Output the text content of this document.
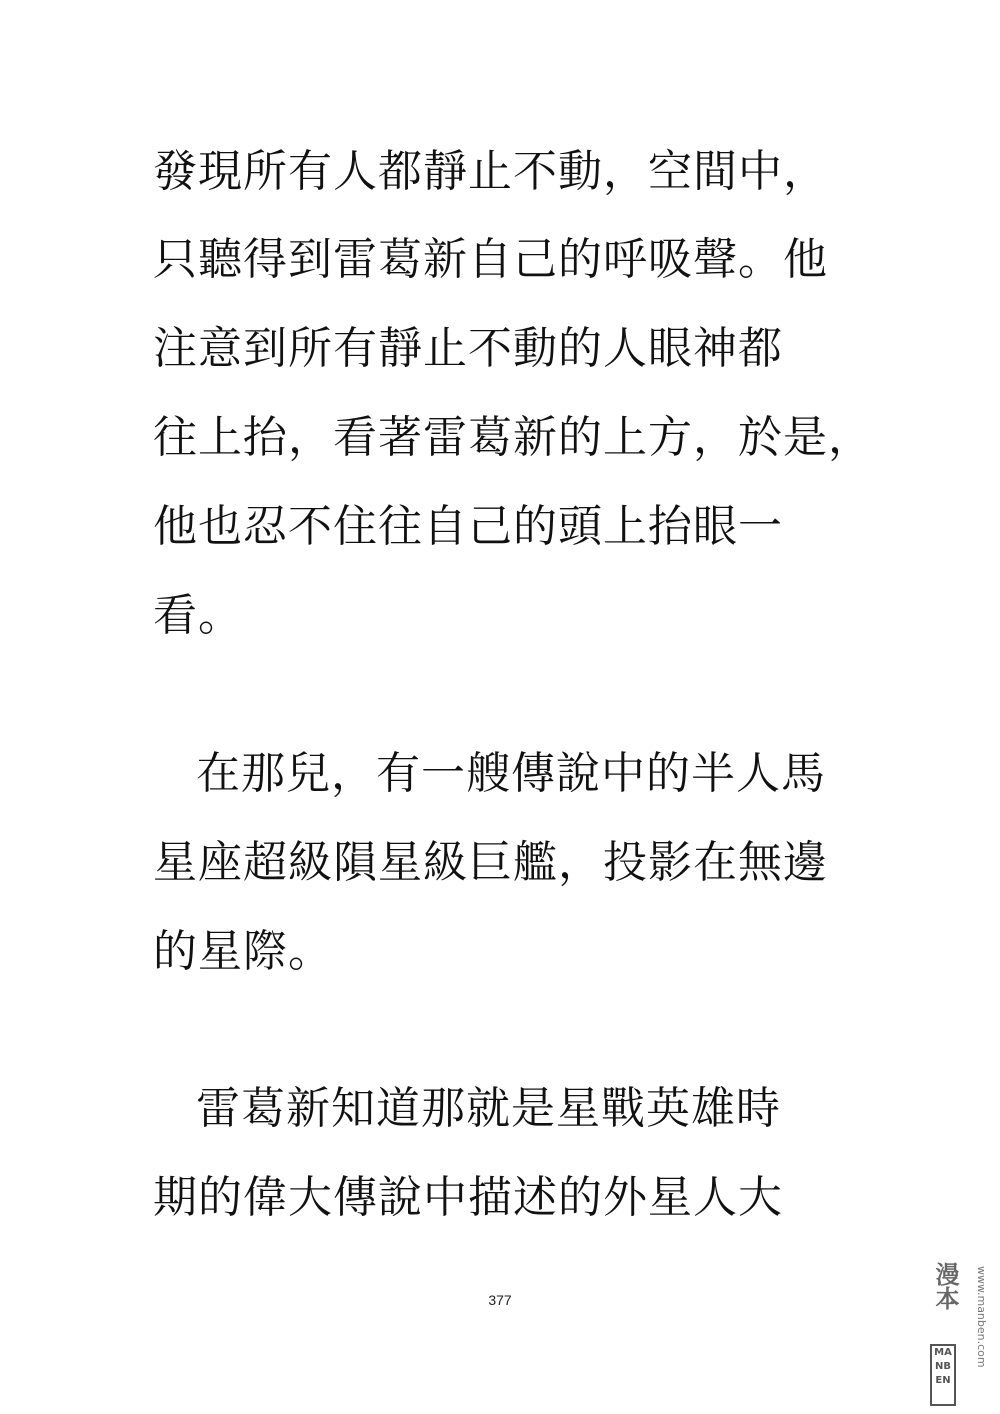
發現所有人都靜止不動，空間中，
只聽得到雷葛新自己的呼吸聲。他
注意到所有靜止不動的人眼神都
往上抬，看著雷葛新的上方，於是，
他也忍不住往自己的頭上抬眼一
看。
在那兒，有一艘傳說中的半人馬
星座超級隕星級巨艦，投影在無邊
的星際。
雷葛新知道那就是星戰英雄時
期的偉大傳說中描述的外星人大
377	漫本
MANBEN
www.manben.com
